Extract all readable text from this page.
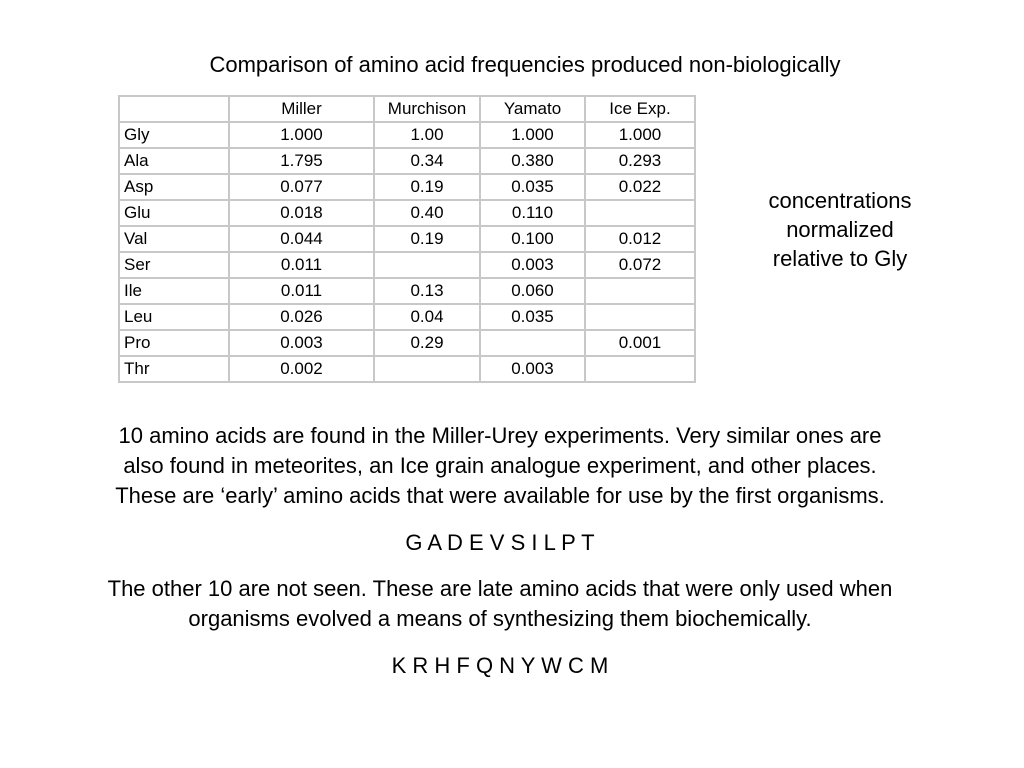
Comparison of amino acid frequencies produced non-biologically
	Miller	Murchison	Yamato	Ice Exp.
Gly	1.000	1.00	1.000	1.000
Ala	1.795	0.34	0.380	0.293
Asp	0.077	0.19	0.035	0.022
Glu	0.018	0.40	0.110	
Val	0.044	0.19	0.100	0.012
Ser	0.011		0.003	0.072
Ile	0.011	0.13	0.060	
Leu	0.026	0.04	0.035	
Pro	0.003	0.29		0.001
Thr	0.002		0.003	
concentrations
normalized
relative to Gly
10 amino acids are found in the Miller-Urey experiments. Very similar ones are
also found in meteorites, an Ice grain analogue experiment, and other places.
These are ‘early’ amino acids that were available for use by the first organisms.
G A D E V S I L P T
The other 10 are not seen. These are late amino acids that were only used when
organisms evolved a means of synthesizing them biochemically.
K R H F Q N Y W C M
